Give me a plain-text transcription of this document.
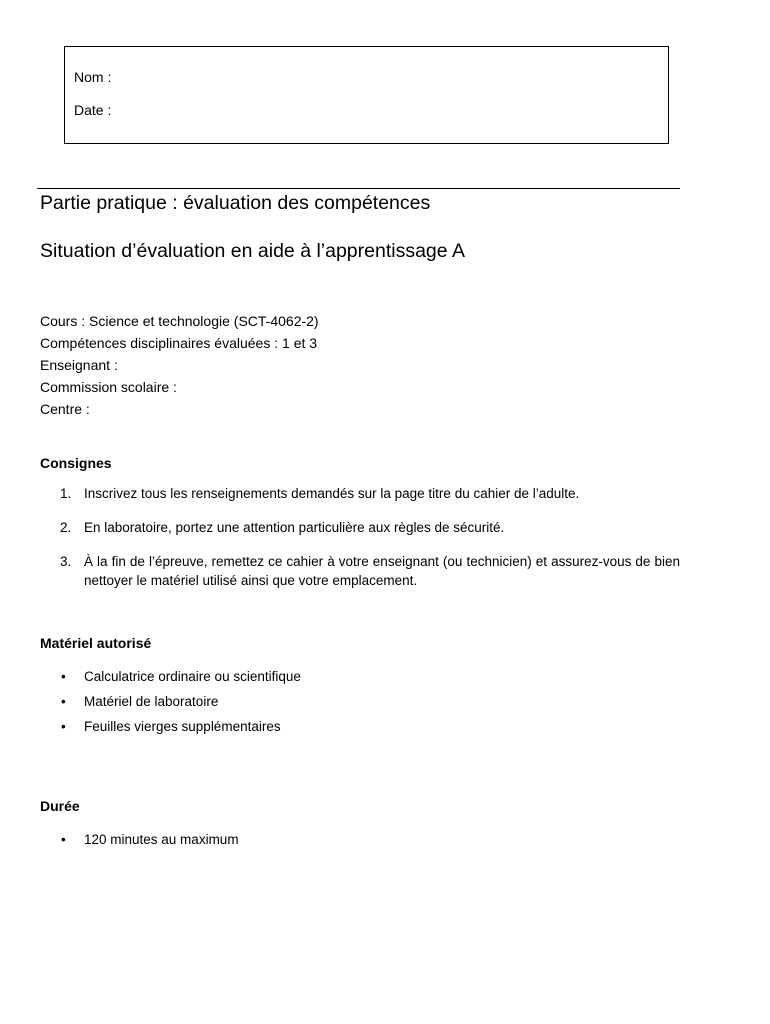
Nom :
Date :
Partie pratique : évaluation des compétences
Situation d’évaluation en aide à l’apprentissage A
Cours : Science et technologie (SCT-4062-2)
Compétences disciplinaires évaluées : 1 et 3
Enseignant :
Commission scolaire :
Centre :
Consignes
1. Inscrivez tous les renseignements demandés sur la page titre du cahier de l’adulte.
2. En laboratoire, portez une attention particulière aux règles de sécurité.
3. À la fin de l’épreuve, remettez ce cahier à votre enseignant (ou technicien) et assurez-vous de bien nettoyer le matériel utilisé ainsi que votre emplacement.
Matériel autorisé
• Calculatrice ordinaire ou scientifique
• Matériel de laboratoire
• Feuilles vierges supplémentaires
Durée
• 120 minutes au maximum
